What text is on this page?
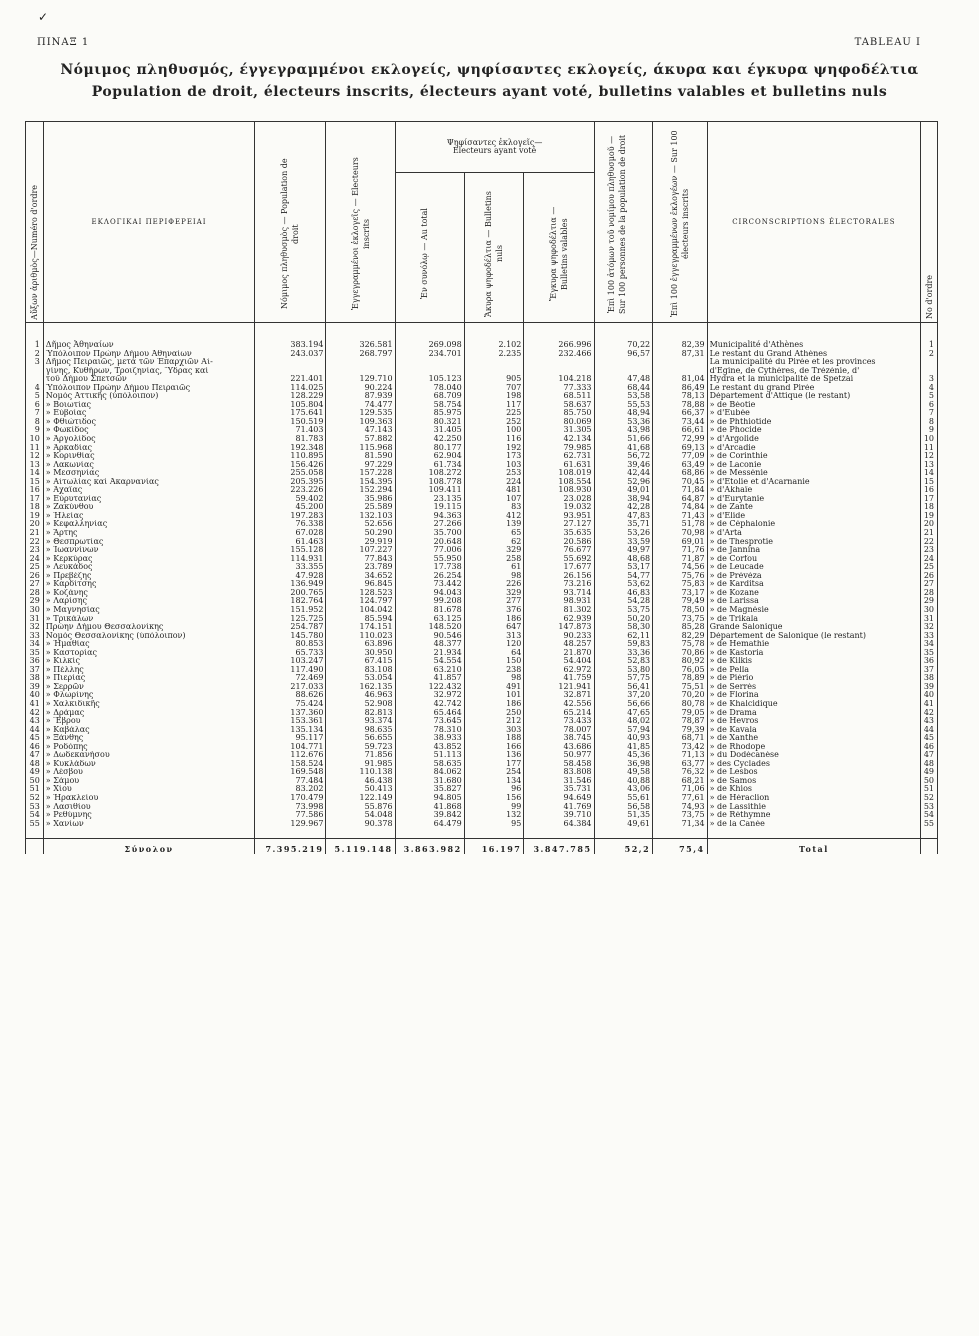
✓
ΠΙΝΑΞ 1	TABLEAU I
Νόμιμος πληθυσμός, έγγεγραμμένοι εκλογείς, ψηφίσαντες εκλογείς, άκυρα και έγκυρα ψηφοδέλτια
Population de droit, électeurs inscrits, électeurs ayant voté, bulletins valables et bulletins nuls
Αὔξων ἀριθμὸς—Numéro d'ordre	ΕΚΛΟΓΙΚΑΙ ΠΕΡΙΦΕΡΕΙΑΙ	Νόμιμος πληθυσμὸς — Population de droit	Ἐγγεγραμμένοι ἐκλογεῖς — Électeurs inscrits	Ψηφίσαντες ἐκλογεῖς— Électeurs ayant voté			Ἐπὶ 100 ἀτόμων τοῦ νομίμου πληθυσμοῦ — Sur 100 personnes de la population de droit	Ἐπὶ 100 ἐγγεγραμμένων ἐκλογέων — Sur 100 électeurs inscrits	CIRCONSCRIPTIONS ÉLECTORALES	No d'ordre
				Ἐν συνόλῳ — Au total	Ἄκυρα ψηφοδέλτια — Bulletins nuls	Ἔγκυρα ψηφοδέλτια — Bulletins valables				
1	Δῆμος Ἀθηναίων	383.194	326.581	269.098	2.102	266.996	70,22	82,39	Municipalité d'Athènes	1
2	Ὑπόλοιπον Πρώην Δήμου Ἀθηναίων	243.037	268.797	234.701	2.235	232.466	96,57	87,31	Le restant du Grand Athènes	2
3	Δῆμος Πειραιῶς, μετὰ τῶν Ἐπαρχιῶν Αἰ-								La municipalité du Pirée et les provinces	
	γίνης, Κυθήρων, Τροιζηνίας, Ὕδρας καὶ								d'Egine, de Cythères, de Trézénie, d'	
	τοῦ Δήμου Σπετσῶν	221.401	129.710	105.123	905	104.218	47,48	81,04	Hydra et la municipalité de Spetzai	3
4	Ὑπόλοιπον Πρώην Δήμου Πειραιῶς	114.025	90.224	78.040	707	77.333	68,44	86,49	Le restant du grand Pirée	4
5	Νομὸς Ἀττικῆς (ὑπόλοιπον)	128.229	87.939	68.709	198	68.511	53,58	78,13	Département d'Attique (le restant)	5
6	» Βοιωτίας	105.804	74.477	58.754	117	58.637	55,53	78,88	» de Béotie	6
7	» Εὐβοίας	175.641	129.535	85.975	225	85.750	48,94	66,37	» d'Eubée	7
8	» Φθιώτιδος	150.519	109.363	80.321	252	80.069	53,36	73,44	» de Phthiotide	8
9	» Φωκίδος	71.403	47.143	31.405	100	31.305	43,98	66,61	» de Phocide	9
10	» Ἀργολίδος	81.783	57.882	42.250	116	42.134	51,66	72,99	» d'Argolide	10
11	» Ἀρκαδίας	192.348	115.968	80.177	192	79.985	41,68	69,13	» d'Arcadie	11
12	» Κορινθίας	110.895	81.590	62.904	173	62.731	56,72	77,09	» de Corinthie	12
13	» Λακωνίας	156.426	97.229	61.734	103	61.631	39,46	63,49	» de Laconie	13
14	» Μεσσηνίας	255.058	157.228	108.272	253	108.019	42,44	68,86	» de Messénie	14
15	» Αἰτωλίας καὶ Ἀκαρνανίας	205.395	154.395	108.778	224	108.554	52,96	70,45	» d'Etolie et d'Acarnanie	15
16	» Ἀχαΐας	223.226	152.294	109.411	481	108.930	49,01	71,84	» d'Akhaïe	16
17	» Εὐρυτανίας	59.402	35.986	23.135	107	23.028	38,94	64,87	» d'Eurytanie	17
18	» Ζακύνθου	45.200	25.589	19.115	83	19.032	42,28	74,84	» de Zante	18
19	» Ἠλείας	197.283	132.103	94.363	412	93.951	47,83	71,43	» d'Elide	19
20	» Κεφαλληνίας	76.338	52.656	27.266	139	27.127	35,71	51,78	» de Céphalonie	20
21	» Ἄρτης	67.028	50.290	35.700	65	35.635	53,26	70,98	» d'Arta	21
22	» Θεσπρωτίας	61.463	29.919	20.648	62	20.586	33,59	69,01	» de Thesprotie	22
23	» Ἰωαννίνων	155.128	107.227	77.006	329	76.677	49,97	71,76	» de Jannina	23
24	» Κερκύρας	114.931	77.843	55.950	258	55.692	48,68	71,87	» de Corfou	24
25	» Λευκάδος	33.355	23.789	17.738	61	17.677	53,17	74,56	» de Leucade	25
26	» Πρεβέζης	47.928	34.652	26.254	98	26.156	54,77	75,76	» de Prévéza	26
27	» Καρδίτσης	136.949	96.845	73.442	226	73.216	53,62	75,83	» de Karditsa	27
28	» Κοζάνης	200.765	128.523	94.043	329	93.714	46,83	73,17	» de Kozane	28
29	» Λαρίσης	182.764	124.797	99.208	277	98.931	54,28	79,49	» de Larissa	29
30	» Μαγνησίας	151.952	104.042	81.678	376	81.302	53,75	78,50	» de Magnésie	30
31	» Τρικάλων	125.725	85.594	63.125	186	62.939	50,20	73,75	» de Trikala	31
32	Πρώην Δήμου Θεσσαλονίκης	254.787	174.151	148.520	647	147.873	58,30	85,28	Grande Salonique	32
33	Νομὸς Θεσσαλονίκης (ὑπόλοιπον)	145.780	110.023	90.546	313	90.233	62,11	82,29	Département de Salonique (le restant)	33
34	» Ἠμαθίας	80.853	63.896	48.377	120	48.257	59,83	75,78	» de Hemathie	34
35	» Καστορίας	65.733	30.950	21.934	64	21.870	33,36	70,86	» de Kastoria	35
36	» Κιλκὶς	103.247	67.415	54.554	150	54.404	52,83	80,92	» de Kilkis	36
37	» Πέλλης	117.490	83.108	63.210	238	62.972	53,80	76,05	» de Pella	37
38	» Πιερίας	72.469	53.054	41.857	98	41.759	57,75	78,89	» de Piério	38
39	» Σερρῶν	217.033	162.135	122.432	491	121.941	56,41	75,51	» de Serrès	39
40	» Φλωρίνης	88.626	46.963	32.972	101	32.871	37,20	70,20	» de Florina	40
41	» Χαλκιδικῆς	75.424	52.908	42.742	186	42.556	56,66	80,78	» de Khalcidique	41
42	» Δράμας	137.360	82.813	65.464	250	65.214	47,65	79,05	» de Drama	42
43	» Ἕβρου	153.361	93.374	73.645	212	73.433	48,02	78,87	» de Hevros	43
44	» Καβάλας	135.134	98.635	78.310	303	78.007	57,94	79,39	» de Kavala	44
45	» Ξάνθης	95.117	56.655	38.933	188	38.745	40,93	68,71	» de Xanthe	45
46	» Ροδόπης	104.771	59.723	43.852	166	43.686	41,85	73,42	» de Rhodope	46
47	» Δωδεκανήσου	112.676	71.856	51.113	136	50.977	45,36	71,13	» du Dodécanèse	47
48	» Κυκλάδων	158.524	91.985	58.635	177	58.458	36,98	63,77	» des Cyclades	48
49	» Λέσβου	169.548	110.138	84.062	254	83.808	49,58	76,32	» de Lesbos	49
50	» Σάμου	77.484	46.438	31.680	134	31.546	40,88	68,21	» de Samos	50
51	» Χίου	83.202	50.413	35.827	96	35.731	43,06	71,06	» de Khios	51
52	» Ἡρακλείου	170.479	122.149	94.805	156	94.649	55,61	77,61	» de Héraclion	52
53	» Λασιθίου	73.998	55.876	41.868	99	41.769	56,58	74,93	» de Lassithie	53
54	» Ρεθύμνης	77.586	54.048	39.842	132	39.710	51,35	73,75	» de Réthymne	54
55	» Χανίων	129.967	90.378	64.479	95	64.384	49,61	71,34	» de la Canée	55
	Σύνολον	7.395.219	5.119.148	3.863.982	16.197	3.847.785	52,2	75,4	Total	
